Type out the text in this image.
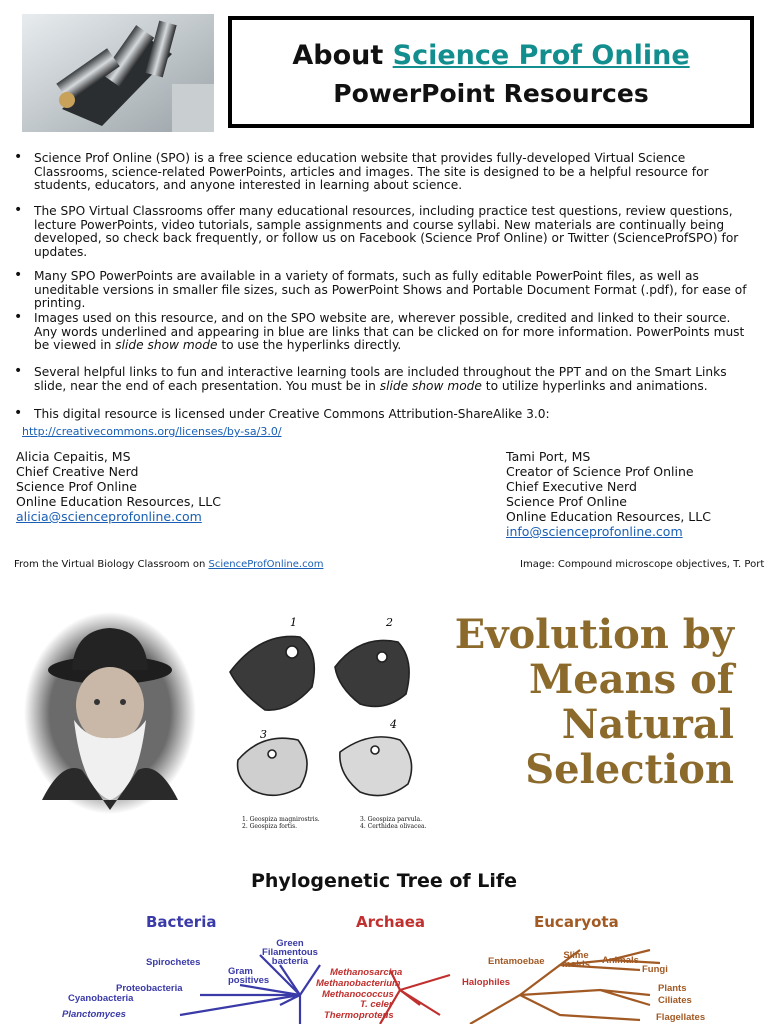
About Science Prof Online
PowerPoint Resources
• Science Prof Online (SPO) is a free science education website that provides fully-developed Virtual Science Classrooms, science-related PowerPoints, articles and images. The site is designed to be a helpful resource for students, educators, and anyone interested in learning about science.
• The SPO Virtual Classrooms offer many educational resources, including practice test questions, review questions, lecture PowerPoints, video tutorials, sample assignments and course syllabi. New materials are continually being developed, so check back frequently, or follow us on Facebook (Science Prof Online) or Twitter (ScienceProfSPO) for updates.
• Many SPO PowerPoints are available in a variety of formats, such as fully editable PowerPoint files, as well as uneditable versions in smaller file sizes, such as PowerPoint Shows and Portable Document Format (.pdf), for ease of printing.
• Images used on this resource, and on the SPO website are, wherever possible, credited and linked to their source. Any words underlined and appearing in blue are links that can be clicked on for more information. PowerPoints must be viewed in slide show mode to use the hyperlinks directly.
• Several helpful links to fun and interactive learning tools are included throughout the PPT and on the Smart Links slide, near the end of each presentation. You must be in slide show mode to utilize hyperlinks and animations.
• This digital resource is licensed under Creative Commons Attribution-ShareAlike 3.0:
http://creativecommons.org/licenses/by-sa/3.0/
Alicia Cepaitis, MS
Chief Creative Nerd
Science Prof Online
Online Education Resources, LLC
alicia@scienceprofonline.com
Tami Port, MS
Creator of Science Prof Online
Chief Executive Nerd
Science Prof Online
Online Education Resources, LLC
info@scienceprofonline.com
From the Virtual Biology Classroom on ScienceProfOnline.com	Image: Compound microscope objectives, T. Port
1	2
3
4
1. Geospiza magnirostris.
2. Geospiza fortis.
3. Geospiza parvula.
4. Certhidea olivacea.
Evolution by
Means of
Natural
Selection
Phylogenetic Tree of Life
Bacteria	Archaea	Eucaryota
Green Filamentous bacteria
Spirochetes
Gram positives
Proteobacteria
Cyanobacteria
Planctomyces
Methanosarcina
Methanobacterium
Methanococcus
T. celer
Thermoproteus
Halophiles
Entamoebae
Slime molds	Animals
Fungi
Plants
Ciliates
Flagellates
